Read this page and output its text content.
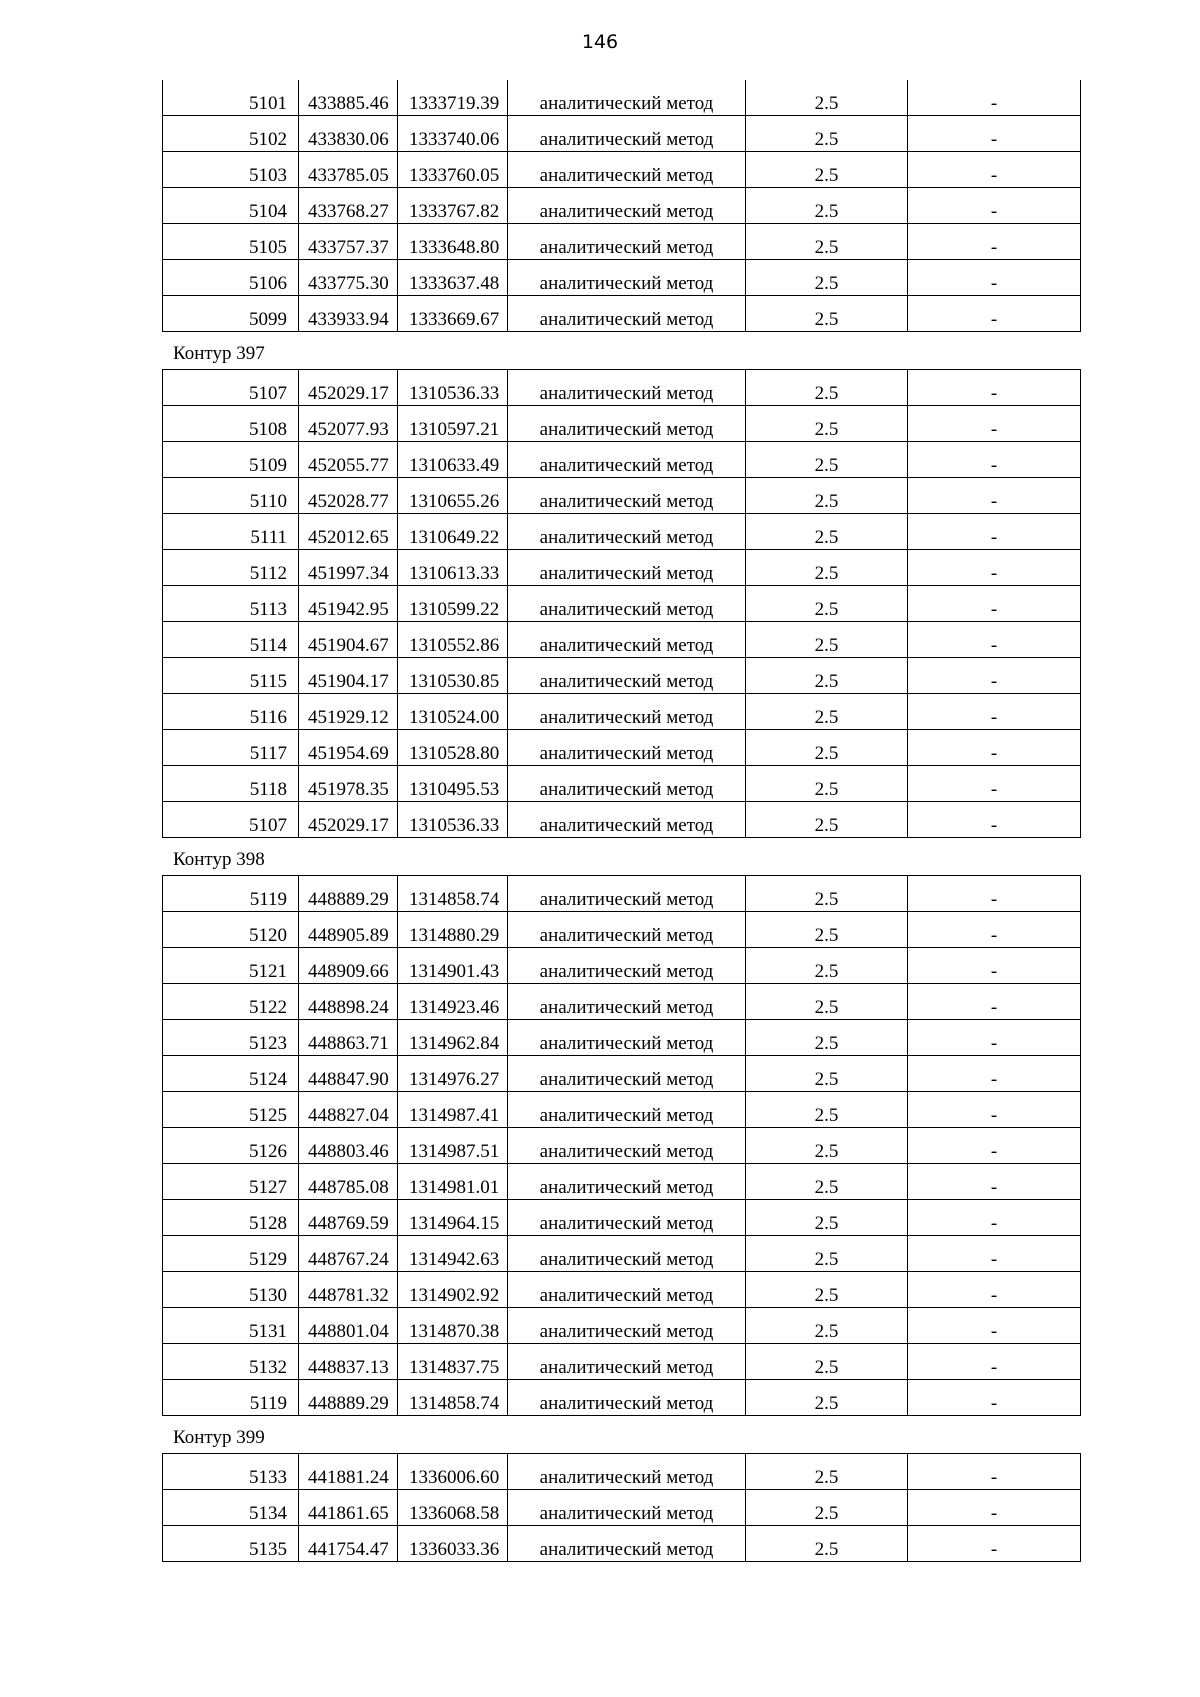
146
5101	433885.46	1333719.39	аналитический метод	2.5	-
5102	433830.06	1333740.06	аналитический метод	2.5	-
5103	433785.05	1333760.05	аналитический метод	2.5	-
5104	433768.27	1333767.82	аналитический метод	2.5	-
5105	433757.37	1333648.80	аналитический метод	2.5	-
5106	433775.30	1333637.48	аналитический метод	2.5	-
5099	433933.94	1333669.67	аналитический метод	2.5	-
Контур 397
5107	452029.17	1310536.33	аналитический метод	2.5	-
5108	452077.93	1310597.21	аналитический метод	2.5	-
5109	452055.77	1310633.49	аналитический метод	2.5	-
5110	452028.77	1310655.26	аналитический метод	2.5	-
5111	452012.65	1310649.22	аналитический метод	2.5	-
5112	451997.34	1310613.33	аналитический метод	2.5	-
5113	451942.95	1310599.22	аналитический метод	2.5	-
5114	451904.67	1310552.86	аналитический метод	2.5	-
5115	451904.17	1310530.85	аналитический метод	2.5	-
5116	451929.12	1310524.00	аналитический метод	2.5	-
5117	451954.69	1310528.80	аналитический метод	2.5	-
5118	451978.35	1310495.53	аналитический метод	2.5	-
5107	452029.17	1310536.33	аналитический метод	2.5	-
Контур 398
5119	448889.29	1314858.74	аналитический метод	2.5	-
5120	448905.89	1314880.29	аналитический метод	2.5	-
5121	448909.66	1314901.43	аналитический метод	2.5	-
5122	448898.24	1314923.46	аналитический метод	2.5	-
5123	448863.71	1314962.84	аналитический метод	2.5	-
5124	448847.90	1314976.27	аналитический метод	2.5	-
5125	448827.04	1314987.41	аналитический метод	2.5	-
5126	448803.46	1314987.51	аналитический метод	2.5	-
5127	448785.08	1314981.01	аналитический метод	2.5	-
5128	448769.59	1314964.15	аналитический метод	2.5	-
5129	448767.24	1314942.63	аналитический метод	2.5	-
5130	448781.32	1314902.92	аналитический метод	2.5	-
5131	448801.04	1314870.38	аналитический метод	2.5	-
5132	448837.13	1314837.75	аналитический метод	2.5	-
5119	448889.29	1314858.74	аналитический метод	2.5	-
Контур 399
5133	441881.24	1336006.60	аналитический метод	2.5	-
5134	441861.65	1336068.58	аналитический метод	2.5	-
5135	441754.47	1336033.36	аналитический метод	2.5	-
